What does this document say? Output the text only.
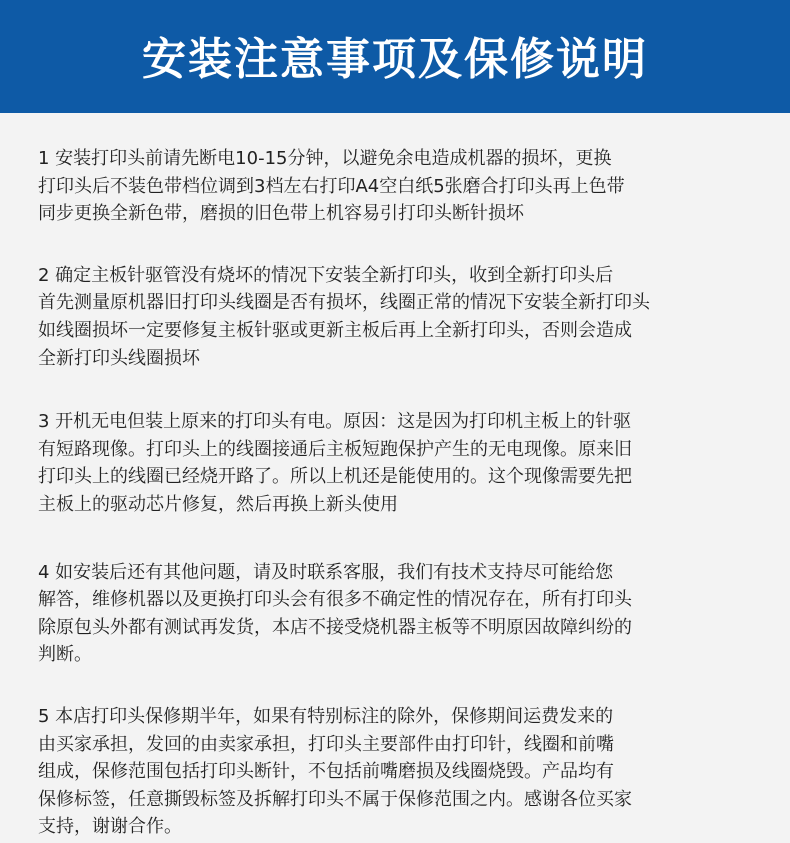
安装注意事项及保修说明

1 安装打印头前请先断电10-15分钟，以避免余电造成机器的损坏，更换
打印头后不装色带档位调到3档左右打印A4空白纸5张磨合打印头再上色带
同步更换全新色带，磨损的旧色带上机容易引打印头断针损坏

2 确定主板针驱管没有烧坏的情况下安装全新打印头，收到全新打印头后
首先测量原机器旧打印头线圈是否有损坏，线圈正常的情况下安装全新打印头
如线圈损坏一定要修复主板针驱或更新主板后再上全新打印头，否则会造成
全新打印头线圈损坏

3 开机无电但装上原来的打印头有电。原因：这是因为打印机主板上的针驱
有短路现像。打印头上的线圈接通后主板短跑保护产生的无电现像。原来旧
打印头上的线圈已经烧开路了。所以上机还是能使用的。这个现像需要先把
主板上的驱动芯片修复，然后再换上新头使用

4 如安装后还有其他问题，请及时联系客服，我们有技术支持尽可能给您
解答，维修机器以及更换打印头会有很多不确定性的情况存在，所有打印头
除原包头外都有测试再发货，本店不接受烧机器主板等不明原因故障纠纷的
判断。

5 本店打印头保修期半年，如果有特别标注的除外，保修期间运费发来的
由买家承担，发回的由卖家承担，打印头主要部件由打印针，线圈和前嘴
组成，保修范围包括打印头断针，不包括前嘴磨损及线圈烧毁。产品均有
保修标签，任意撕毁标签及拆解打印头不属于保修范围之内。感谢各位买家
支持，谢谢合作。
